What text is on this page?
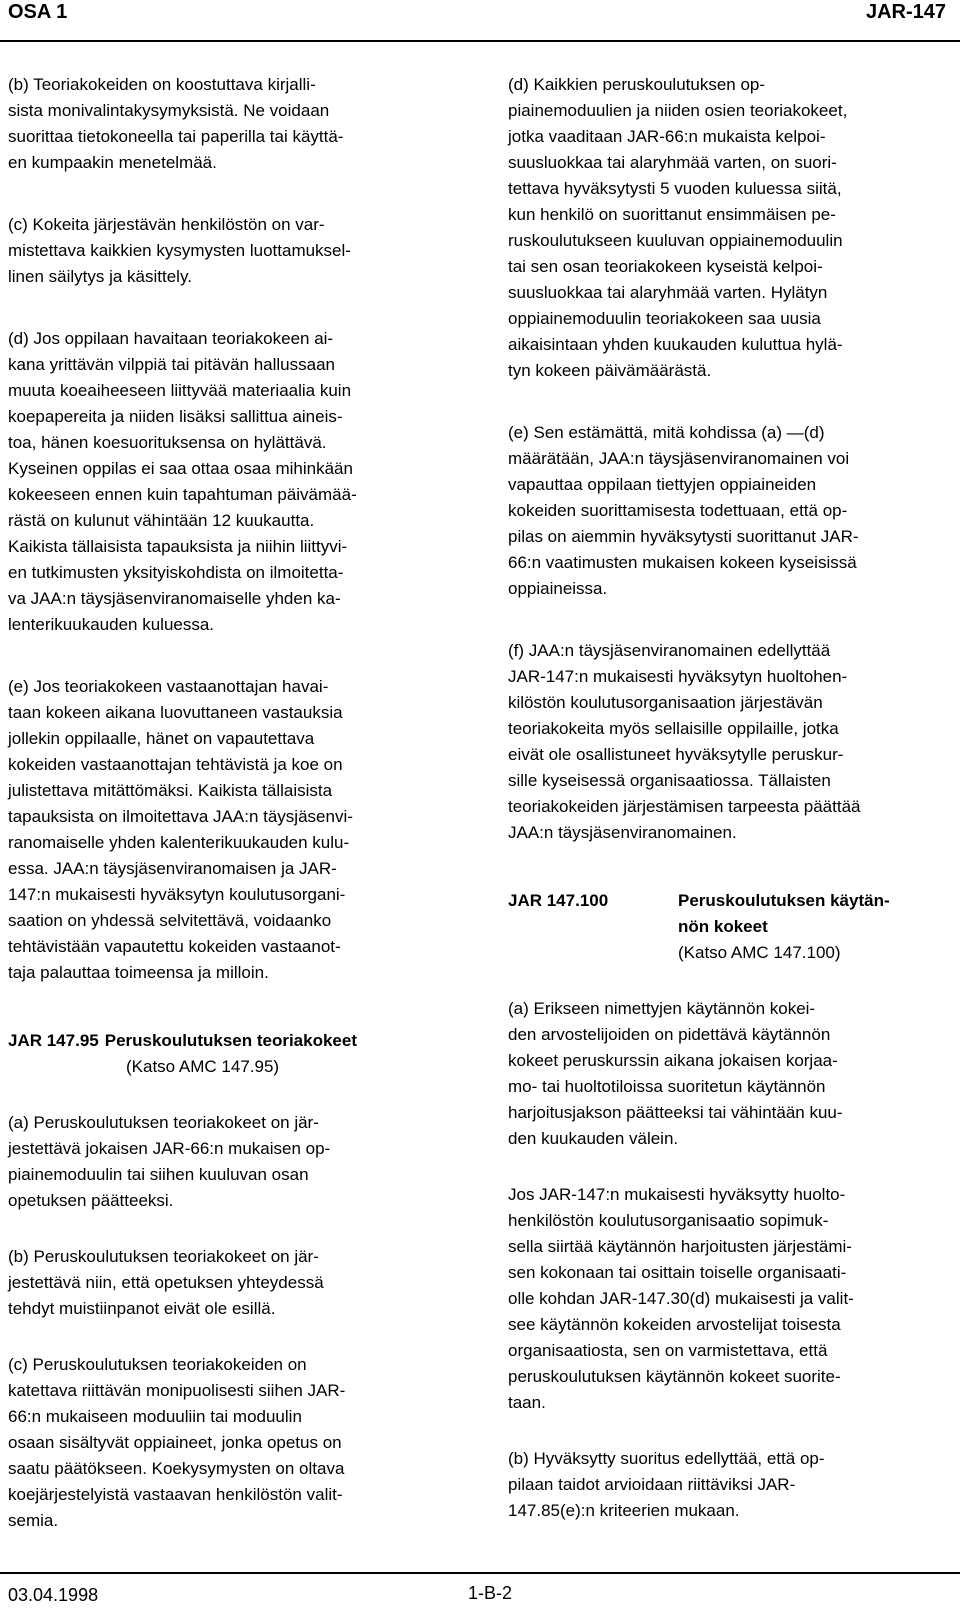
OSA 1	JAR-147

(b) Teoriakokeiden on koostuttava kirjalli-
sista monivalintakysymyksistä. Ne voidaan
suorittaa tietokoneella tai paperilla tai käyttä-
en kumpaakin menetelmää.

(c) Kokeita järjestävän henkilöstön on var-
mistettava kaikkien kysymysten luottamuksel-
linen säilytys ja käsittely.

(d) Jos oppilaan havaitaan teoriakokeen ai-
kana yrittävän vilppiä tai pitävän hallussaan
muuta koeaiheeseen liittyvää materiaalia kuin
koepapereita ja niiden lisäksi sallittua aineis-
toa, hänen koesuorituksensa on hylättävä.
Kyseinen oppilas ei saa ottaa osaa mihinkään
kokeeseen ennen kuin tapahtuman päivämää-
rästä on kulunut vähintään 12 kuukautta.
Kaikista tällaisista tapauksista ja niihin liittyvi-
en tutkimusten yksityiskohdista on ilmoitetta-
va JAA:n täysjäsenviranomaiselle yhden ka-
lenterikuukauden kuluessa.

(e) Jos teoriakokeen vastaanottajan havai-
taan kokeen aikana luovuttaneen vastauksia
jollekin oppilaalle, hänet on vapautettava
kokeiden vastaanottajan tehtävistä ja koe on
julistettava mitättömäksi. Kaikista tällaisista
tapauksista on ilmoitettava JAA:n täysjäsenvi-
ranomaiselle yhden kalenterikuukauden kulu-
essa. JAA:n täysjäsenviranomaisen ja JAR-
147:n mukaisesti hyväksytyn koulutusorgani-
saation on yhdessä selvitettävä, voidaanko
tehtävistään vapautettu kokeiden vastaanot-
taja palauttaa toimeensa ja milloin.

JAR 147.95 Peruskoulutuksen teoriakokeet
(Katso AMC 147.95)

(a) Peruskoulutuksen teoriakokeet on jär-
jestettävä jokaisen JAR-66:n mukaisen op-
piainemoduulin tai siihen kuuluvan osan
opetuksen päätteeksi.

(b) Peruskoulutuksen teoriakokeet on jär-
jestettävä niin, että opetuksen yhteydessä
tehdyt muistiinpanot eivät ole esillä.

(c) Peruskoulutuksen teoriakokeiden on
katettava riittävän monipuolisesti siihen JAR-
66:n mukaiseen moduuliin tai moduulin
osaan sisältyvät oppiaineet, jonka opetus on
saatu päätökseen. Koekysymysten on oltava
koejärjestelyistä vastaavan henkilöstön valit-
semia.

(d) Kaikkien peruskoulutuksen op-
piainemoduulien ja niiden osien teoriakokeet,
jotka vaaditaan JAR-66:n mukaista kelpoi-
suusluokkaa tai alaryhmää varten, on suori-
tettava hyväksytysti 5 vuoden kuluessa siitä,
kun henkilö on suorittanut ensimmäisen pe-
ruskoulutukseen kuuluvan oppiainemoduulin
tai sen osan teoriakokeen kyseistä kelpoi-
suusluokkaa tai alaryhmää varten. Hylätyn
oppiainemoduulin teoriakokeen saa uusia
aikaisintaan yhden kuukauden kuluttua hylä-
tyn kokeen päivämäärästä.

(e) Sen estämättä, mitä kohdissa (a) —(d)
määrätään, JAA:n täysjäsenviranomainen voi
vapauttaa oppilaan tiettyjen oppiaineiden
kokeiden suorittamisesta todettuaan, että op-
pilas on aiemmin hyväksytysti suorittanut JAR-
66:n vaatimusten mukaisen kokeen kyseisissä
oppiaineissa.

(f) JAA:n täysjäsenviranomainen edellyttää
JAR-147:n mukaisesti hyväksytyn huoltohen-
kilöstön koulutusorganisaation järjestävän
teoriakokeita myös sellaisille oppilaille, jotka
eivät ole osallistuneet hyväksytylle peruskur-
sille kyseisessä organisaatiossa. Tällaisten
teoriakokeiden järjestämisen tarpeesta päättää
JAA:n täysjäsenviranomainen.

JAR 147.100	Peruskoulutuksen käytän-
nön kokeet
(Katso AMC 147.100)

(a) Erikseen nimettyjen käytännön kokei-
den arvostelijoiden on pidettävä käytännön
kokeet peruskurssin aikana jokaisen korjaa-
mo- tai huoltotiloissa suoritetun käytännön
harjoitusjakson päätteeksi tai vähintään kuu-
den kuukauden välein.

Jos JAR-147:n mukaisesti hyväksytty huolto-
henkilöstön koulutusorganisaatio sopimuk-
sella siirtää käytännön harjoitusten järjestämi-
sen kokonaan tai osittain toiselle organisaati-
olle kohdan JAR-147.30(d) mukaisesti ja valit-
see käytännön kokeiden arvostelijat toisesta
organisaatiosta, sen on varmistettava, että
peruskoulutuksen käytännön kokeet suorite-
taan.

(b) Hyväksytty suoritus edellyttää, että op-
pilaan taidot arvioidaan riittäviksi JAR-
147.85(e):n kriteerien mukaan.

03.04.1998	1-B-2
